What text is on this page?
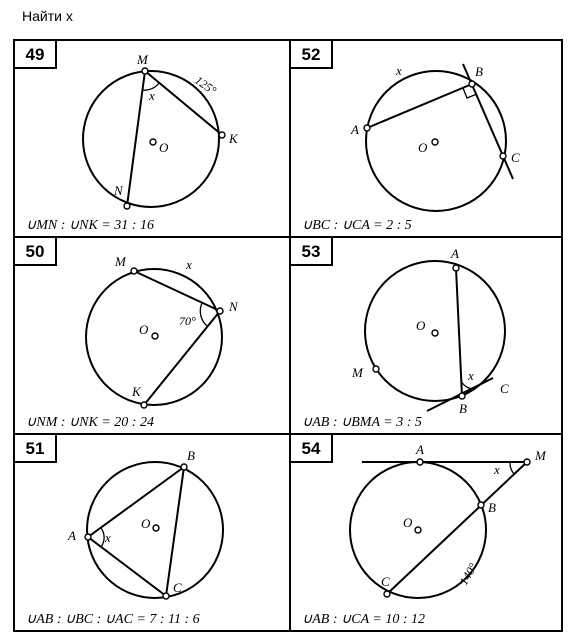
Найти x
49	M
K
N
O
x	125°
∪MN : ∪NK = 31 : 16
52
A
B
C
O
x
∪BC : ∪CA = 2 : 5
50
M
N
K
O
x
70°
∪NM : ∪NK = 20 : 24
53	A
M
B
C
O
x
∪AB : ∪BMA = 3 : 5
51
A
B
C
O
x
∪AB : ∪BC : ∪AC = 7 : 11 : 6
54	A	M
B
C
O
x
140°
∪AB : ∪CA = 10 : 12
